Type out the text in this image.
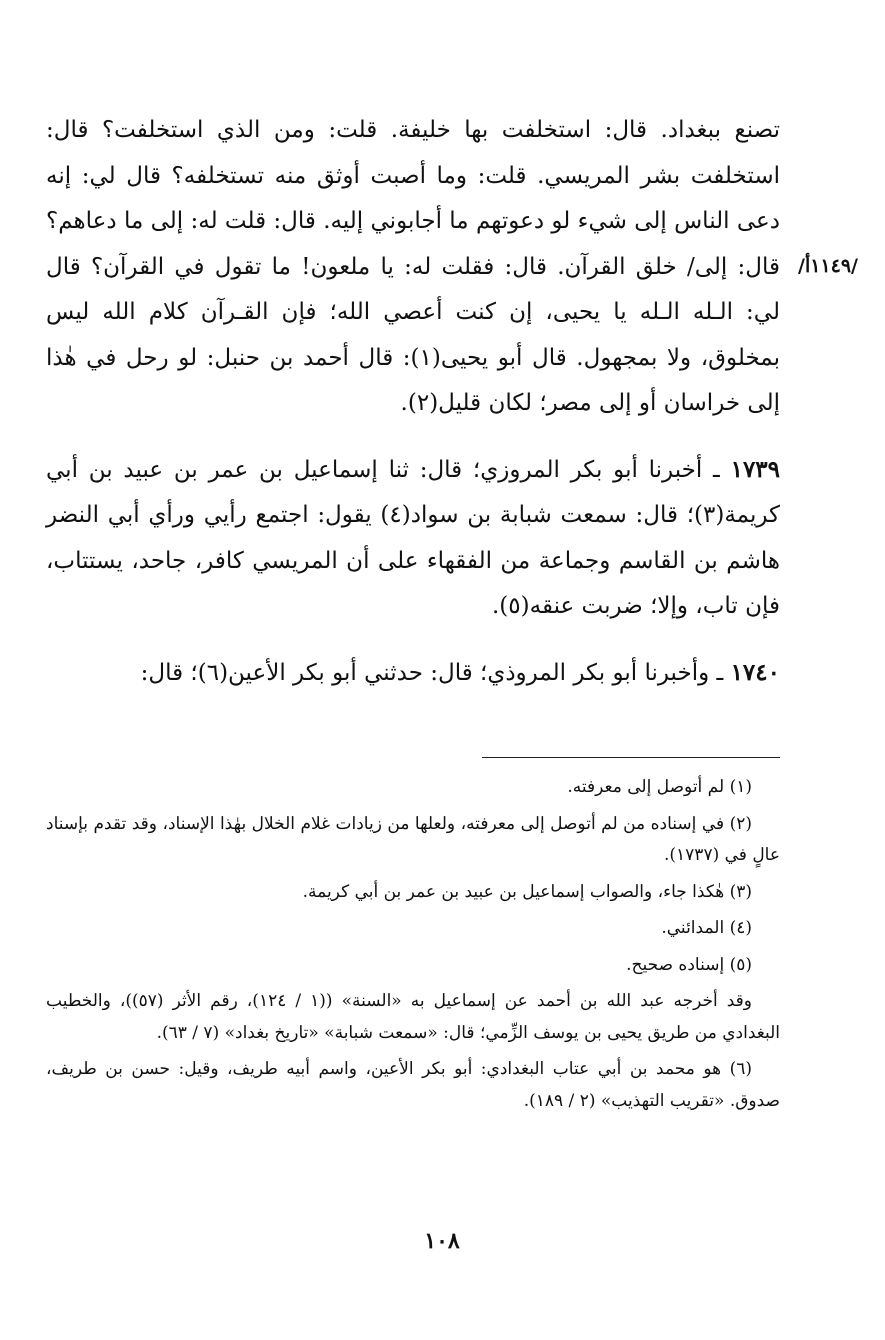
/١١٤٩أ/

تصنع ببغداد. قال: استخلفت بها خليفة. قلت: ومن الذي استخلفت؟ قال: استخلفت بشر المريسي. قلت: وما أصبت أوثق منه تستخلفه؟ قال لي: إنه دعى الناس إلى شيء لو دعوتهم ما أجابوني إليه. قال: قلت له: إلى ما دعاهم؟ قال: إلى/ خلق القرآن. قال: فقلت له: يا ملعون! ما تقول في القرآن؟ قال لي: الـله الـله يا يحيى، إن كنت أعصي الله؛ فإن القـرآن كلام الله ليس بمخلوق، ولا بمجهول. قال أبو يحيى(١): قال أحمد بن حنبل: لو رحل في هٰذا إلى خراسان أو إلى مصر؛ لكان قليل(٢).

١٧٣٩ ـ أخبرنا أبو بكر المروزي؛ قال: ثنا إسماعيل بن عمر بن عبيد بن أبي كريمة(٣)؛ قال: سمعت شبابة بن سواد(٤) يقول: اجتمع رأيي ورأي أبي النضر هاشم بن القاسم وجماعة من الفقهاء على أن المريسي كافر، جاحد، يستتاب، فإن تاب، وإلا؛ ضربت عنقه(٥).

١٧٤٠ ـ وأخبرنا أبو بكر المروذي؛ قال: حدثني أبو بكر الأعين(٦)؛ قال:

(١) لم أتوصل إلى معرفته.

(٢) في إسناده من لم أتوصل إلى معرفته، ولعلها من زيادات غلام الخلال بهٰذا الإسناد، وقد تقدم بإسناد عالٍ في (١٧٣٧).

(٣) هٰكذا جاء، والصواب إسماعيل بن عبيد بن عمر بن أبي كريمة.

(٤) المدائني.

(٥) إسناده صحيح.

وقد أخرجه عبد الله بن أحمد عن إسماعيل به «السنة» ((١ / ١٢٤)، رقم الأثر (٥٧))، والخطيب البغدادي من طريق يحيى بن يوسف الزِّمي؛ قال: «سمعت شبابة» «تاريخ بغداد» (٧ / ٦٣).

(٦) هو محمد بن أبي عتاب البغدادي: أبو بكر الأعين، واسم أبيه طريف، وقيل: حسن بن طريف، صدوق. «تقريب التهذيب» (٢ / ١٨٩).

١٠٨
